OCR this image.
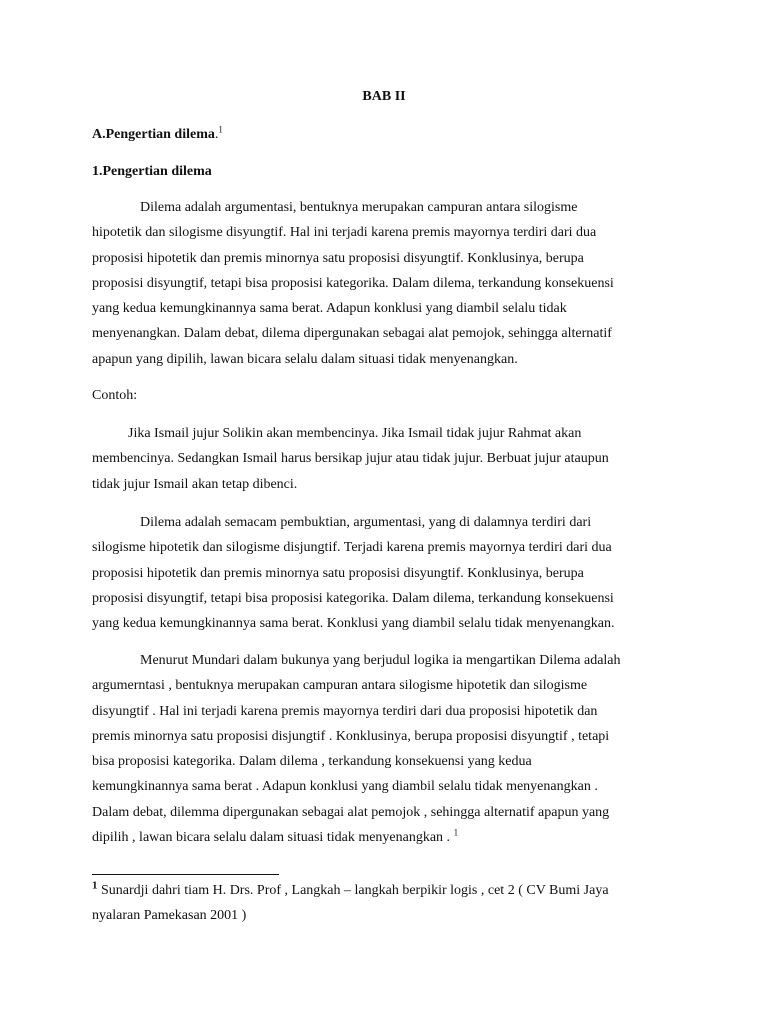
BAB II
A.Pengertian dilema.$^1$
1.Pengertian dilema
Dilema adalah argumentasi, bentuknya merupakan campuran antara silogisme
hipotetik dan silogisme disyungtif. Hal ini terjadi karena premis mayornya terdiri dari dua
proposisi hipotetik dan premis minornya satu proposisi disyungtif. Konklusinya, berupa
proposisi disyungtif, tetapi bisa proposisi kategorika. Dalam dilema, terkandung konsekuensi
yang kedua kemungkinannya sama berat. Adapun konklusi yang diambil selalu tidak
menyenangkan. Dalam debat, dilema dipergunakan sebagai alat pemojok, sehingga alternatif
apapun yang dipilih, lawan bicara selalu dalam situasi tidak menyenangkan.
Contoh:
Jika Ismail jujur Solikin akan membencinya. Jika Ismail tidak jujur Rahmat akan
membencinya. Sedangkan Ismail harus bersikap jujur atau tidak jujur. Berbuat jujur ataupun
tidak jujur Ismail akan tetap dibenci.
Dilema adalah semacam pembuktian, argumentasi, yang di dalamnya terdiri dari
silogisme hipotetik dan silogisme disjungtif. Terjadi karena premis mayornya terdiri dari dua
proposisi hipotetik dan premis minornya satu proposisi disyungtif. Konklusinya, berupa
proposisi disyungtif, tetapi bisa proposisi kategorika. Dalam dilema, terkandung konsekuensi
yang kedua kemungkinannya sama berat. Konklusi yang diambil selalu tidak menyenangkan.
Menurut Mundari dalam bukunya yang berjudul logika ia mengartikan Dilema adalah
argumerntasi , bentuknya merupakan campuran antara silogisme hipotetik dan silogisme
disyungtif . Hal ini terjadi karena premis mayornya terdiri dari dua proposisi hipotetik dan
premis minornya satu proposisi disjungtif . Konklusinya, berupa proposisi disyungtif , tetapi
bisa proposisi kategorika. Dalam dilema , terkandung konsekuensi yang kedua
kemungkinannya sama berat . Adapun konklusi yang diambil selalu tidak menyenangkan .
Dalam debat, dilemma dipergunakan sebagai alat pemojok , sehingga alternatif apapun yang
dipilih , lawan bicara selalu dalam situasi tidak menyenangkan . $^1$
$^1$ Sunardji dahri tiam H. Drs. Prof , Langkah – langkah berpikir logis , cet 2 ( CV Bumi Jaya
nyalaran Pamekasan 2001 )
